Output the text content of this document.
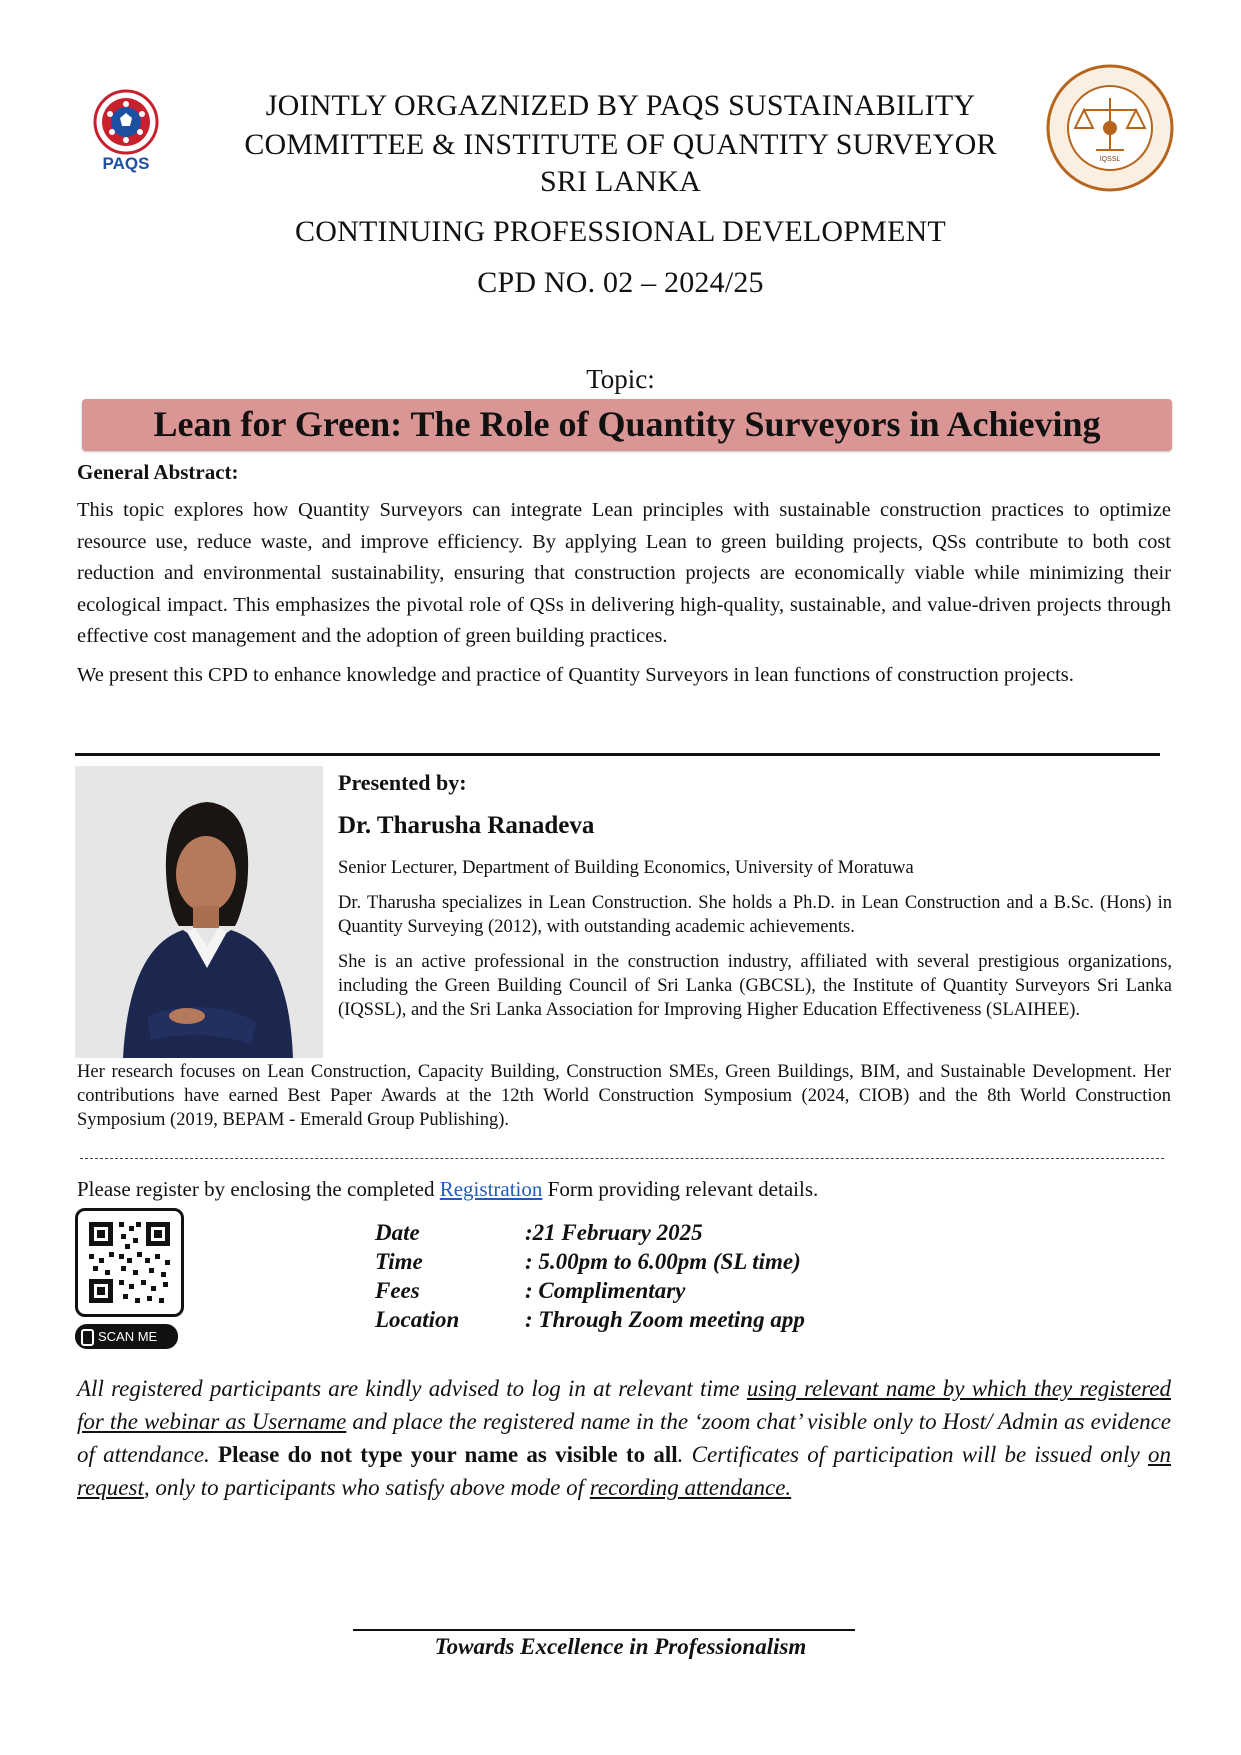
PAQS	IQSSL
JOINTLY ORGAZNIZED BY PAQS SUSTAINABILITY
COMMITTEE & INSTITUTE OF QUANTITY SURVEYOR
SRI LANKA
CONTINUING PROFESSIONAL DEVELOPMENT
CPD NO. 02 – 2024/25
Topic:
Lean for Green: The Role of Quantity Surveyors in Achieving
General Abstract:
This topic explores how Quantity Surveyors can integrate Lean principles with sustainable construction practices to optimize resource use, reduce waste, and improve efficiency. By applying Lean to green building projects, QSs contribute to both cost reduction and environmental sustainability, ensuring that construction projects are economically viable while minimizing their ecological impact. This emphasizes the pivotal role of QSs in delivering high-quality, sustainable, and value-driven projects through effective cost management and the adoption of green building practices.
We present this CPD to enhance knowledge and practice of Quantity Surveyors in lean functions of construction projects.
Presented by:
Dr. Tharusha Ranadeva
Senior Lecturer, Department of Building Economics, University of Moratuwa
Dr. Tharusha specializes in Lean Construction. She holds a Ph.D. in Lean Construction and a B.Sc. (Hons) in Quantity Surveying (2012), with outstanding academic achievements.
She is an active professional in the construction industry, affiliated with several prestigious organizations, including the Green Building Council of Sri Lanka (GBCSL), the Institute of Quantity Surveyors Sri Lanka (IQSSL), and the Sri Lanka Association for Improving Higher Education Effectiveness (SLAIHEE).
Her research focuses on Lean Construction, Capacity Building, Construction SMEs, Green Buildings, BIM, and Sustainable Development. Her contributions have earned Best Paper Awards at the 12th World Construction Symposium (2024, CIOB) and the 8th World Construction Symposium (2019, BEPAM - Emerald Group Publishing).
Please register by enclosing the completed Registration Form providing relevant details.
SCAN ME
Date	:21 February 2025
Time	: 5.00pm to 6.00pm (SL time)
Fees	: Complimentary
Location	: Through Zoom meeting app
All registered participants are kindly advised to log in at relevant time using relevant name by which they registered for the webinar as Username and place the registered name in the ‘zoom chat’ visible only to Host/ Admin as evidence of attendance. Please do not type your name as visible to all. Certificates of participation will be issued only on request, only to participants who satisfy above mode of recording attendance.
Towards Excellence in Professionalism
